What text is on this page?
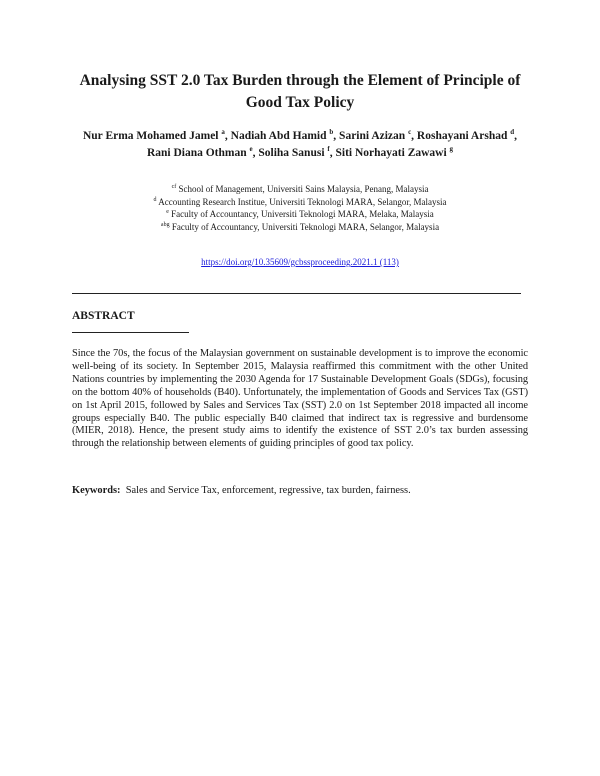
Analysing SST 2.0 Tax Burden through the Element of Principle of Good Tax Policy
Nur Erma Mohamed Jamel $^a$, Nadiah Abd Hamid $^b$, Sarini Azizan $^c$, Roshayani Arshad $^d$,
Rani Diana Othman $^e$, Soliha Sanusi $^f$, Siti Norhayati Zawawi $^g$
$^{cf}$ School of Management, Universiti Sains Malaysia, Penang, Malaysia
$^d$ Accounting Research Institue, Universiti Teknologi MARA, Selangor, Malaysia
$^e$ Faculty of Accountancy, Universiti Teknologi MARA, Melaka, Malaysia
$^{abg}$ Faculty of Accountancy, Universiti Teknologi MARA, Selangor, Malaysia
https://doi.org/10.35609/gcbssproceeding.2021.1 (113)
ABSTRACT

Since the 70s, the focus of the Malaysian government on sustainable development is to improve the economic well-being of its society. In September 2015, Malaysia reaffirmed this commitment with the other United Nations countries by implementing the 2030 Agenda for 17 Sustainable Development Goals (SDGs), focusing on the bottom 40% of households (B40). Unfortunately, the implementation of Goods and Services Tax (GST) on 1st April 2015, followed by Sales and Services Tax (SST) 2.0 on 1st September 2018 impacted all income groups especially B40. The public especially B40 claimed that indirect tax is regressive and burdensome (MIER, 2018). Hence, the present study aims to identify the existence of SST 2.0’s tax burden assessing through the relationship between elements of guiding principles of good tax policy.

Keywords: Sales and Service Tax, enforcement, regressive, tax burden, fairness.
